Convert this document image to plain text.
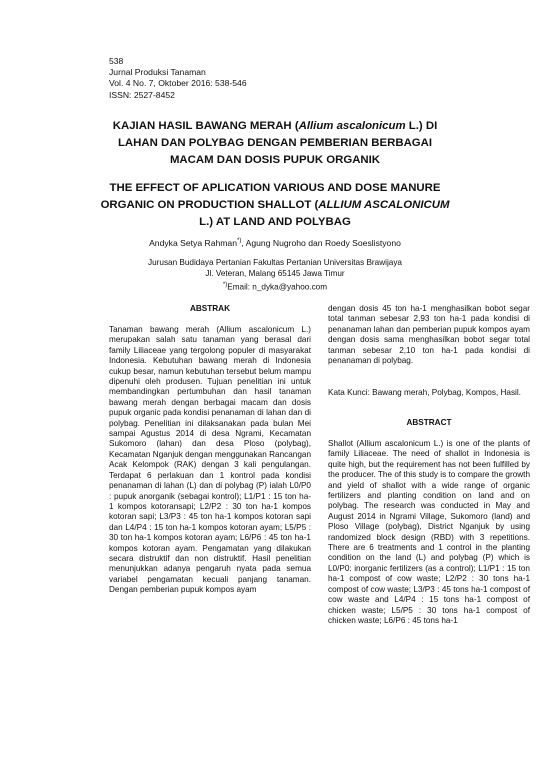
538
Jurnal Produksi Tanaman
Vol. 4 No. 7, Oktober 2016: 538-546
ISSN: 2527-8452
KAJIAN HASIL BAWANG MERAH (Allium ascalonicum L.) DI LAHAN DAN POLYBAG DENGAN PEMBERIAN BERBAGAI MACAM DAN DOSIS PUPUK ORGANIK
THE EFFECT OF APLICATION VARIOUS AND DOSE MANURE ORGANIC ON PRODUCTION SHALLOT (ALLIUM ASCALONICUM L.) AT LAND AND POLYBAG
Andyka Setya Rahman*), Agung Nugroho dan Roedy Soeslistyono
Jurusan Budidaya Pertanian Fakultas Pertanian Universitas Brawijaya
Jl. Veteran, Malang 65145 Jawa Timur
*)Email: n_dyka@yahoo.com
ABSTRAK

Tanaman bawang merah (Allium ascalonicum L.) merupakan salah satu tanaman yang berasal dari family Liliaceae yang tergolong populer di masyarakat Indonesia. Kebutuhan bawang merah di Indonesia cukup besar, namun kebutuhan tersebut belum mampu dipenuhi oleh produsen. Tujuan penelitian ini untuk membandingkan pertumbuhan dan hasil tanaman bawang merah dengan berbagai macam dan dosis pupuk organic pada kondisi penanaman di lahan dan di polybag. Penelitian ini dilaksanakan pada bulan Mei sampai Agustus 2014 di desa Ngrami, Kecamatan Sukomoro (lahan) dan desa Ploso (polybag), Kecamatan Nganjuk dengan menggunakan Rancangan Acak Kelompok (RAK) dengan 3 kali pengulangan. Terdapat 6 perlakuan dan 1 kontrol pada kondisi penanaman di lahan (L) dan di polybag (P) ialah L0/P0 : pupuk anorganik (sebagai kontrol); L1/P1 : 15 ton ha-1 kompos kotoransapi; L2/P2 : 30 ton ha-1 kompos kotoran sapi; L3/P3 : 45 ton ha-1 kompos kotoran sapi dan L4/P4 : 15 ton ha-1 kompos kotoran ayam; L5/P5 : 30 ton ha-1 kompos kotoran ayam; L6/P6 : 45 ton ha-1 kompos kotoran ayam. Pengamatan yang dilakukan secara distruktif dan non distruktif. Hasil penelitian menunjukkan adanya pengaruh nyata pada semua variabel pengamatan kecuali panjang tanaman. Dengan pemberian pupuk kompos ayam

dengan dosis 45 ton ha-1 menghasilkan bobot segar total tanman sebesar 2,93 ton ha-1 pada kondisi di penanaman lahan dan pemberian pupuk kompos ayam dengan dosis sama menghasilkan bobot segar total tanman sebesar 2,10 ton ha-1 pada kondisi di penanaman di polybag.

Kata Kunci: Bawang merah, Polybag, Kompos, Hasil.

ABSTRACT

Shallot (Allium ascalonicum L.) is one of the plants of family Liliaceae. The need of shallot in Indonesia is quite high, but the requirement has not been fulfilled by the producer. The of this study is to compare the growth and yield of shallot with a wide range of organic fertilizers and planting condition on land and on polybag. The research was conducted in May and August 2014 in Ngrami Village, Sukomoro (land) and Ploso Village (polybag), District Nganjuk by using randomized block design (RBD) with 3 repetitions. There are 6 treatments and 1 control in the planting condition on the land (L) and polybag (P) which is L0/P0: inorganic fertilizers (as a control); L1/P1 : 15 ton ha-1 compost of cow waste; L2/P2 : 30 tons ha-1 compost of cow waste; L3/P3 : 45 tons ha-1 compost of cow waste and L4/P4 : 15 tons ha-1 compost of chicken waste; L5/P5 : 30 tons ha-1 compost of chicken waste; L6/P6 : 45 tons ha-1
